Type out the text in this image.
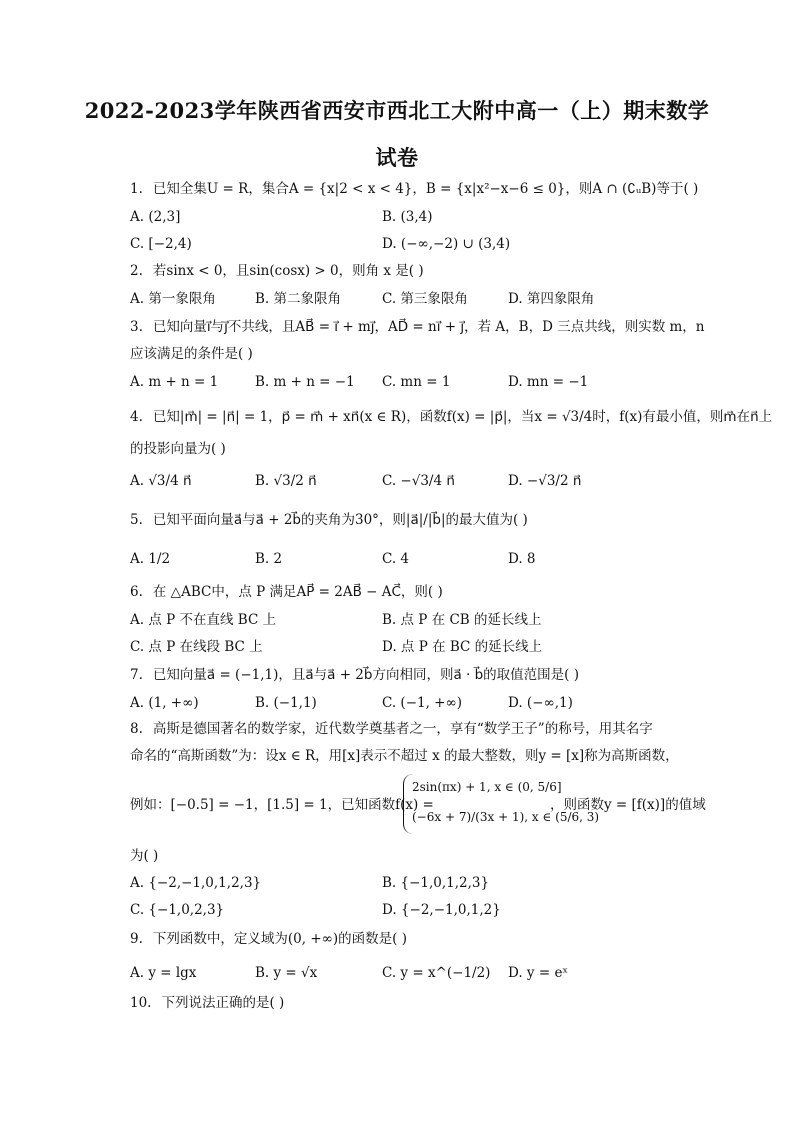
2022-2023学年陕西省西安市西北工大附中高一（上）期末数学
试卷
1. 已知全集U = R，集合A = {x|2 < x < 4}，B = {x|x²−x−6 ≤ 0}，则A ∩ (∁ᵤB)等于( )
A. (2,3]	B. (3,4)
C. [−2,4)	D. (−∞,−2) ∪ (3,4)
2. 若sinx < 0，且sin(cosx) > 0，则角 x 是( )
A. 第一象限角	B. 第二象限角	C. 第三象限角	D. 第四象限角
3. 已知向量i⃗与j⃗不共线，且AB⃗ = i⃗ + mj⃗，AD⃗ = ni⃗ + j⃗，若 A，B，D 三点共线，则实数 m，n
应该满足的条件是( )
A. m + n = 1	B. m + n = −1 C. mn = 1	D. mn = −1
4. 已知|m⃗| = |n⃗| = 1，p⃗ = m⃗ + xn⃗(x ∈ R)，函数f(x) = |p⃗|，当x = √3/4时，f(x)有最小值，则m⃗在n⃗上
的投影向量为( )
A. √3/4 n⃗	B. √3/2 n⃗	C. −√3/4 n⃗	D. −√3/2 n⃗
5. 已知平面向量a⃗与a⃗ + 2b⃗的夹角为30°，则|a⃗|/|b⃗|的最大值为( )
A. 1/2	B. 2	C. 4	D. 8
6. 在 △ABC中，点 P 满足AP⃗ = 2AB⃗ − AC⃗，则( )
A. 点 P 不在直线 BC 上	B. 点 P 在 CB 的延长线上
C. 点 P 在线段 BC 上	D. 点 P 在 BC 的延长线上
7. 已知向量a⃗ = (−1,1)，且a⃗与a⃗ + 2b⃗方向相同，则a⃗ · b⃗的取值范围是( )
A. (1, +∞)	B. (−1,1)	C. (−1, +∞)	D. (−∞,1)
8. 高斯是德国著名的数学家，近代数学奠基者之一，享有“数学王子”的称号，用其名字
命名的“高斯函数”为：设x ∈ R，用[x]表示不超过 x 的最大整数，则y = [x]称为高斯函数，
例如：[−0.5] = −1，[1.5] = 1，已知函数f(x) =
2sin(πx) + 1, x ∈ (0, 5/6]
(−6x + 7)/(3x + 1), x ∈ (5/6, 3)
，则函数y = [f(x)]的值域
为( )
A. {−2,−1,0,1,2,3}	B. {−1,0,1,2,3}
C. {−1,0,2,3}	D. {−2,−1,0,1,2}
9. 下列函数中，定义域为(0, +∞)的函数是( )
A. y = lgx	B. y = √x	C. y = x^(−1/2) D. y = eˣ
10. 下列说法正确的是( )
